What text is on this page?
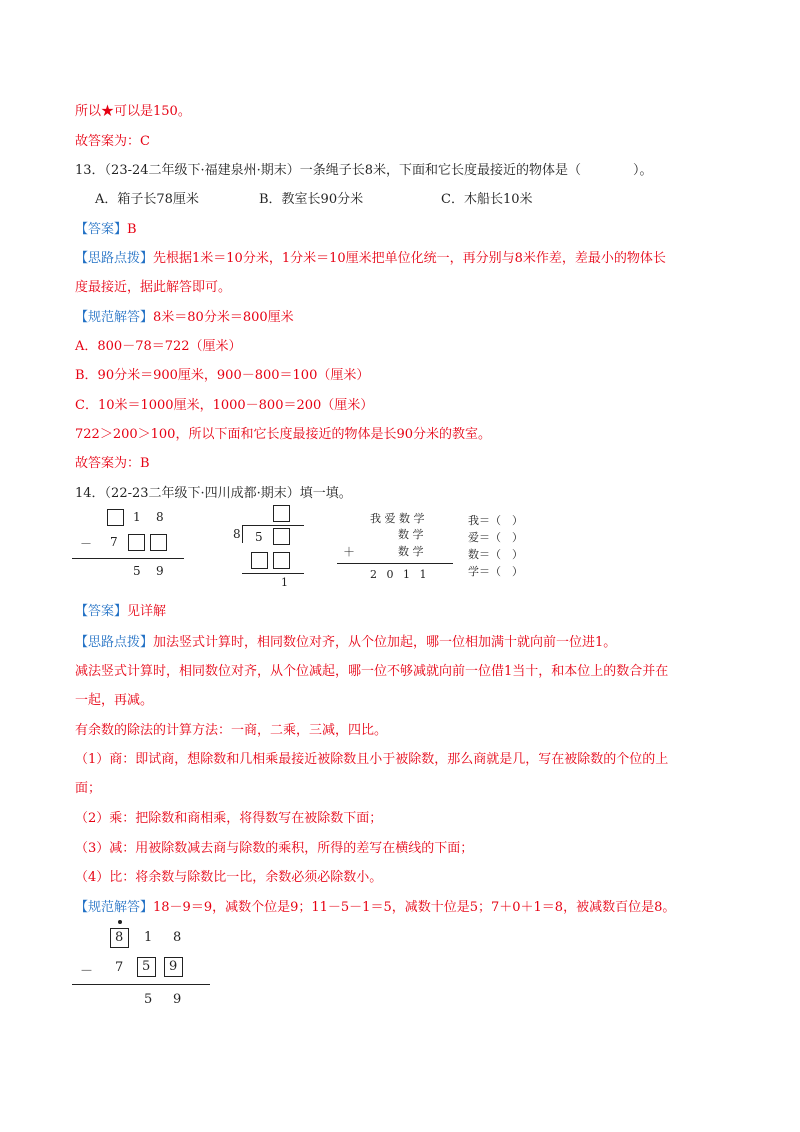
所以★可以是150。
故答案为：C
13．（23-24二年级下·福建泉州·期末）一条绳子长8米，下面和它长度最接近的物体是（　　　　）。
A．箱子长78厘米	B．教室长90分米	C．木船长10米
【答案】B
【思路点拨】先根据1米＝10分米，1分米＝10厘米把单位化统一，再分别与8米作差，差最小的物体长
度最接近，据此解答即可。
【规范解答】8米＝80分米＝800厘米
A．800－78＝722（厘米）
B．90分米＝900厘米，900－800＝100（厘米）
C．10米＝1000厘米，1000－800＝200（厘米）
722＞200＞100，所以下面和它长度最接近的物体是长90分米的教室。
故答案为：B
14．（22-23二年级下·四川成都·期末）填一填。
1 8
－ 7
5 9
8 5
1
我 爱 数 学
数 学
＋	数 学
2 0 1 1
我＝（　）
爱＝（　）
数＝（　）
学＝（　）
【答案】见详解
【思路点拨】加法竖式计算时，相同数位对齐，从个位加起，哪一位相加满十就向前一位进1。
减法竖式计算时，相同数位对齐，从个位减起，哪一位不够减就向前一位借1当十，和本位上的数合并在
一起，再减。
有余数的除法的计算方法：一商，二乘，三减，四比。
（1）商：即试商，想除数和几相乘最接近被除数且小于被除数，那么商就是几，写在被除数的个位的上
面；
（2）乘：把除数和商相乘，将得数写在被除数下面；
（3）减：用被除数减去商与除数的乘积，所得的差写在横线的下面；
（4）比：将余数与除数比一比，余数必须必除数小。
【规范解答】18－9＝9，减数个位是9；11－5－1＝5，减数十位是5；7＋0＋1＝8，被减数百位是8。
8 1 8
－ 7 5 9
5 9
